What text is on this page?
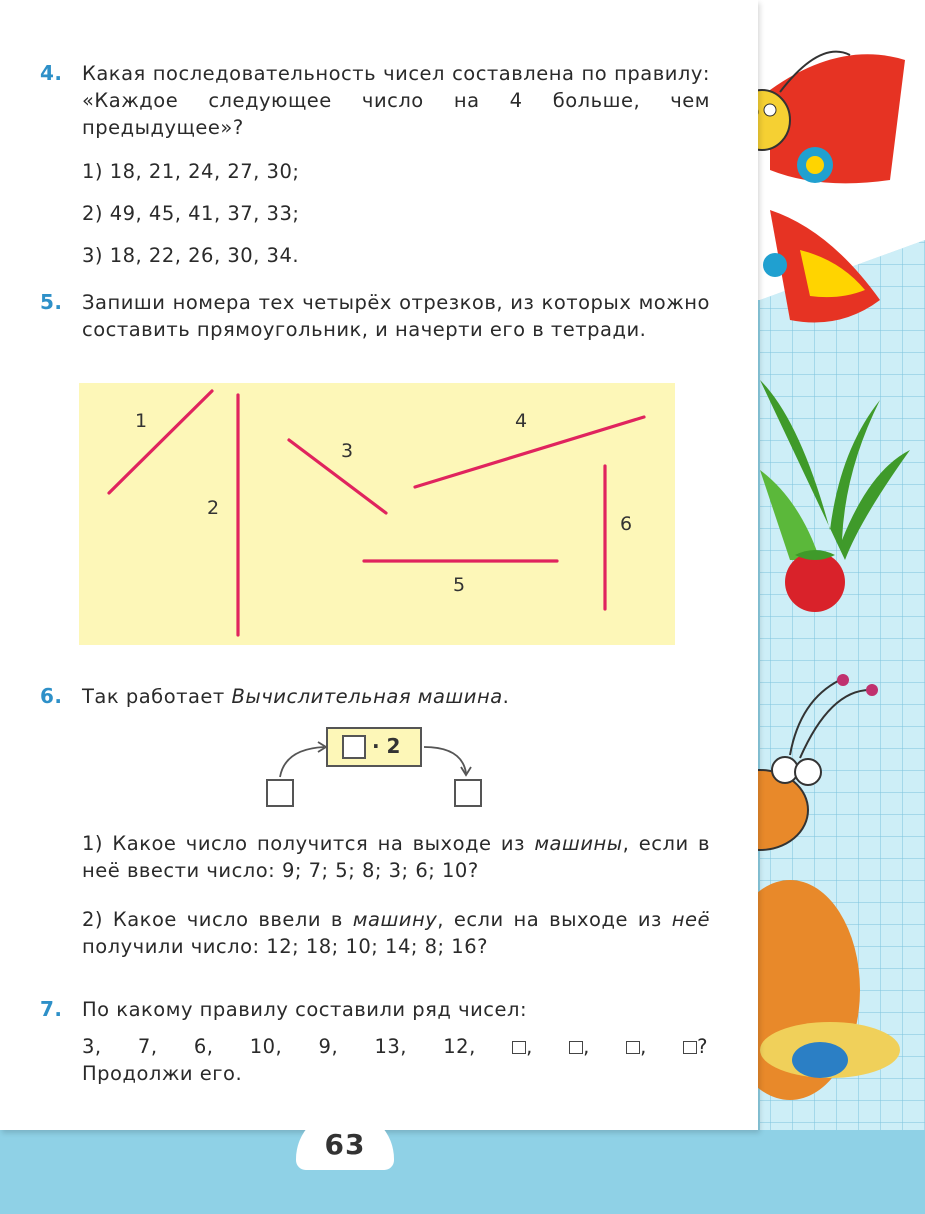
4. Какая последовательность чисел составлена по правилу: «Каждое следующее число на 4 больше, чем предыдущее»?
1) 18, 21, 24, 27, 30;
2) 49, 45, 41, 37, 33;
3) 18, 22, 26, 30, 34.
5. Запиши номера тех четырёх отрезков, из которых можно составить прямоугольник, и начерти его в тетради.
1
2
3
4
5
6
6. Так работает Вычислительная машина.
· 2
1) Какое число получится на выходе из машины, если в неё ввести число: 9; 7; 5; 8; 3; 6; 10?
2) Какое число ввели в машину, если на выходе из неё получили число: 12; 18; 10; 14; 8; 16?
7. По какому правилу составили ряд чисел:
3, 7, 6, 10, 9, 13, 12,	,	,	,	?
Продолжи его.
63
